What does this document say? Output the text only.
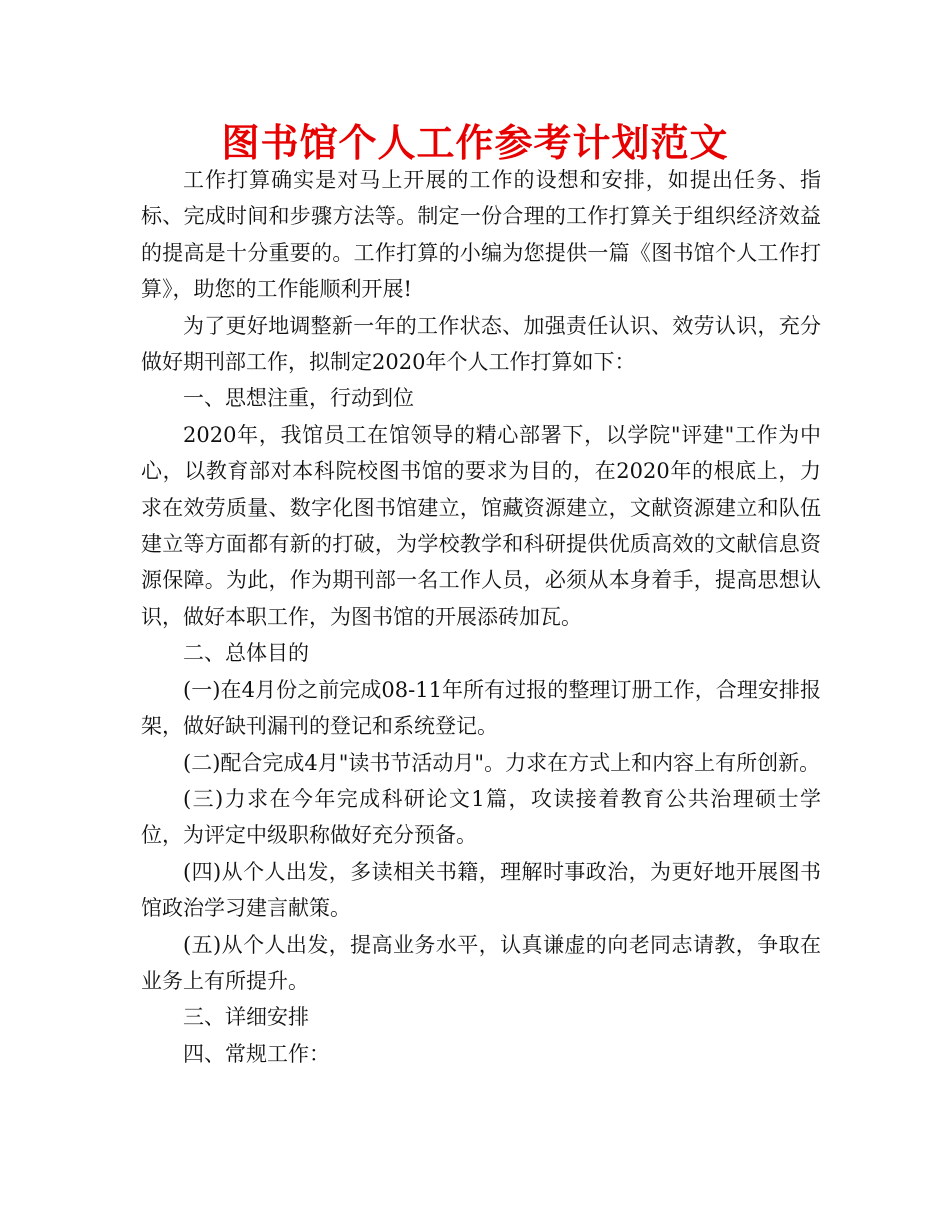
图书馆个人工作参考计划范文

工作打算确实是对马上开展的工作的设想和安排，如提出任务、指标、完成时间和步骤方法等。制定一份合理的工作打算关于组织经济效益的提高是十分重要的。工作打算的小编为您提供一篇《图书馆个人工作打算》，助您的工作能顺利开展!

为了更好地调整新一年的工作状态、加强责任认识、效劳认识，充分做好期刊部工作，拟制定2020年个人工作打算如下：

一、思想注重，行动到位

2020年，我馆员工在馆领导的精心部署下，以学院"评建"工作为中心，以教育部对本科院校图书馆的要求为目的，在2020年的根底上，力求在效劳质量、数字化图书馆建立，馆藏资源建立，文献资源建立和队伍建立等方面都有新的打破，为学校教学和科研提供优质高效的文献信息资源保障。为此，作为期刊部一名工作人员，必须从本身着手，提高思想认识，做好本职工作，为图书馆的开展添砖加瓦。

二、总体目的

(一)在4月份之前完成08-11年所有过报的整理订册工作，合理安排报架，做好缺刊漏刊的登记和系统登记。

(二)配合完成4月"读书节活动月"。力求在方式上和内容上有所创新。

(三)力求在今年完成科研论文1篇，攻读接着教育公共治理硕士学位，为评定中级职称做好充分预备。

(四)从个人出发，多读相关书籍，理解时事政治，为更好地开展图书馆政治学习建言献策。

(五)从个人出发，提高业务水平，认真谦虚的向老同志请教，争取在业务上有所提升。

三、详细安排

四、常规工作：
